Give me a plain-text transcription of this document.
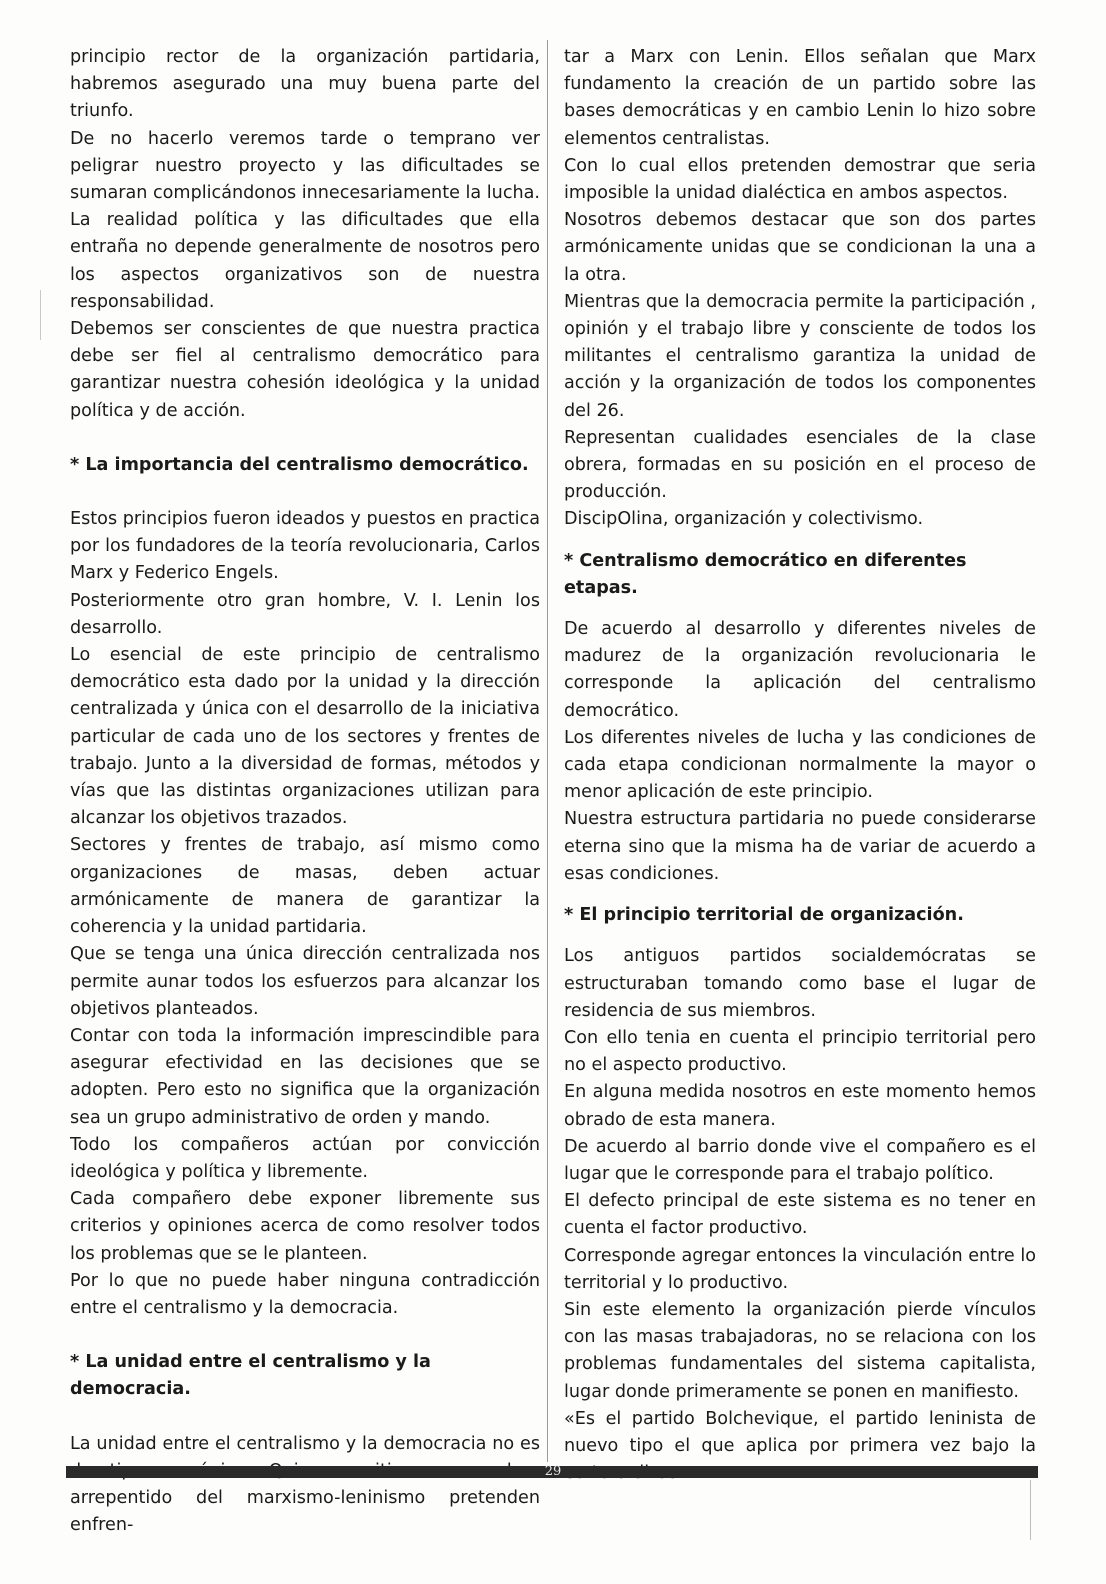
principio rector de la organización partidaria, habremos asegurado una muy buena parte del triunfo.

De no hacerlo veremos tarde o temprano ver peligrar nuestro proyecto y las dificultades se sumaran complicándonos innecesariamente la lucha.

La realidad política y las dificultades que ella entraña no depende generalmente de nosotros pero los aspectos organizativos son de nuestra responsabilidad.

Debemos ser conscientes de que nuestra practica debe ser fiel al centralismo democrático para garantizar nuestra cohesión ideológica y la unidad política y de acción.

* La importancia del centralismo democrático.

Estos principios fueron ideados y puestos en practica por los fundadores de la teoría revolucionaria, Carlos Marx y Federico Engels.

Posteriormente otro gran hombre, V. I. Lenin los desarrollo.

Lo esencial de este principio de centralismo democrático esta dado por la unidad y la dirección centralizada y única con el desarrollo de la iniciativa particular de cada uno de los sectores y frentes de trabajo. Junto a la diversidad de formas, métodos y vías que las distintas organizaciones utilizan para alcanzar los objetivos trazados.

Sectores y frentes de trabajo, así mismo como organizaciones de masas, deben actuar armónicamente de manera de garantizar la coherencia y la unidad partidaria.

Que se tenga una única dirección centralizada nos permite aunar todos los esfuerzos para alcanzar los objetivos planteados.

Contar con toda la información imprescindible para asegurar efectividad en las decisiones que se adopten. Pero esto no significa que la organización sea un grupo administrativo de orden y mando.

Todo los compañeros actúan por convicción ideológica y política y libremente.

Cada compañero debe exponer libremente sus criterios y opiniones acerca de como resolver todos los problemas que se le planteen.

Por lo que no puede haber ninguna contradicción entre el centralismo y la democracia.

* La unidad entre el centralismo y la democracia.

La unidad entre el centralismo y la democracia no es arrepentido del marxismo-leninismo pretenden enfren-

tar a Marx con Lenin. Ellos señalan que Marx fundamento la creación de un partido sobre las bases democráticas y en cambio Lenin lo hizo sobre elementos centralistas.

Con lo cual ellos pretenden demostrar que seria imposible la unidad dialéctica en ambos aspectos.

Nosotros debemos destacar que son dos partes armónicamente unidas que se condicionan la una a la otra.

Mientras que la democracia permite la participación , opinión y el trabajo libre y consciente de todos los militantes el centralismo garantiza la unidad de acción y la organización de todos los componentes del 26.

Representan cualidades esenciales de la clase obrera, formadas en su posición en el proceso de producción.

DiscipOlina, organización y colectivismo.

* Centralismo democrático en diferentes etapas.

De acuerdo al desarrollo y diferentes niveles de madurez de la organización revolucionaria le corresponde la aplicación del centralismo democrático.

Los diferentes niveles de lucha y las condiciones de cada etapa condicionan normalmente la mayor o menor aplicación de este principio.

Nuestra estructura partidaria no puede considerarse eterna sino que la misma ha de variar de acuerdo a esas condiciones.

* El principio territorial de organización.

Los antiguos partidos socialdemócratas se estructuraban tomando como base el lugar de residencia de sus miembros.

Con ello tenia en cuenta el principio territorial pero no el aspecto productivo.

En alguna medida nosotros en este momento hemos obrado de esta manera.

De acuerdo al barrio donde vive el compañero es el lugar que le corresponde para el trabajo político.

El defecto principal de este sistema es no tener en cuenta el factor productivo.

Corresponde agregar entonces la vinculación entre lo territorial y lo productivo.

Sin este elemento la organización pierde vínculos con las masas trabajadoras, no se relaciona con los problemas fundamentales del sistema capitalista, lugar donde primeramente se ponen en manifiesto.

«Es el partido Bolchevique, el partido leninista de nuevo tipo el que aplica por primera vez bajo la

29
